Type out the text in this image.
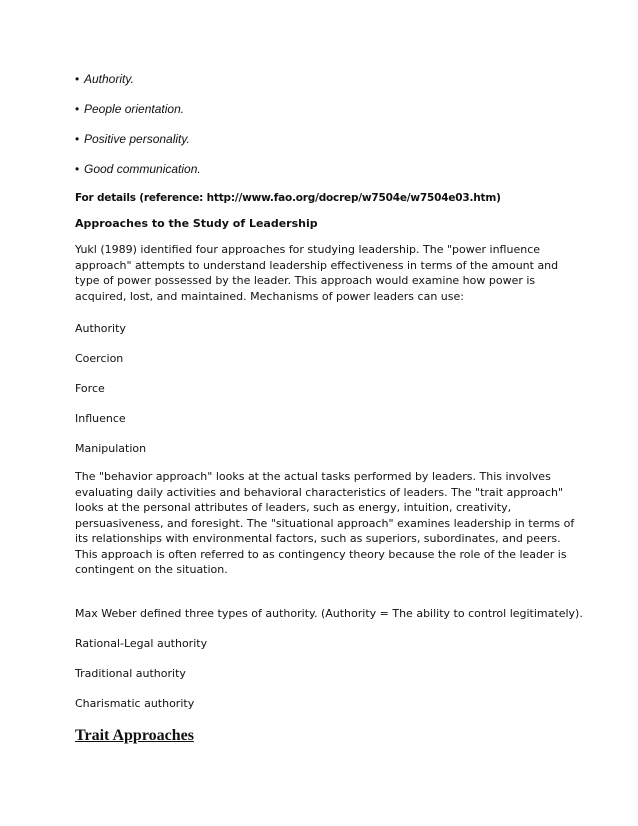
• Authority.
• People orientation.
• Positive personality.
• Good communication.
For details (reference: http://www.fao.org/docrep/w7504e/w7504e03.htm)
Approaches to the Study of Leadership
Yukl (1989) identified four approaches for studying leadership. The "power influence approach" attempts to understand leadership effectiveness in terms of the amount and type of power possessed by the leader. This approach would examine how power is acquired, lost, and maintained. Mechanisms of power leaders can use:
Authority
Coercion
Force
Influence
Manipulation
The "behavior approach" looks at the actual tasks performed by leaders. This involves evaluating daily activities and behavioral characteristics of leaders. The "trait approach" looks at the personal attributes of leaders, such as energy, intuition, creativity, persuasiveness, and foresight. The "situational approach" examines leadership in terms of its relationships with environmental factors, such as superiors, subordinates, and peers. This approach is often referred to as contingency theory because the role of the leader is contingent on the situation.
Max Weber defined three types of authority. (Authority = The ability to control legitimately).
Rational-Legal authority
Traditional authority
Charismatic authority
Trait Approaches
